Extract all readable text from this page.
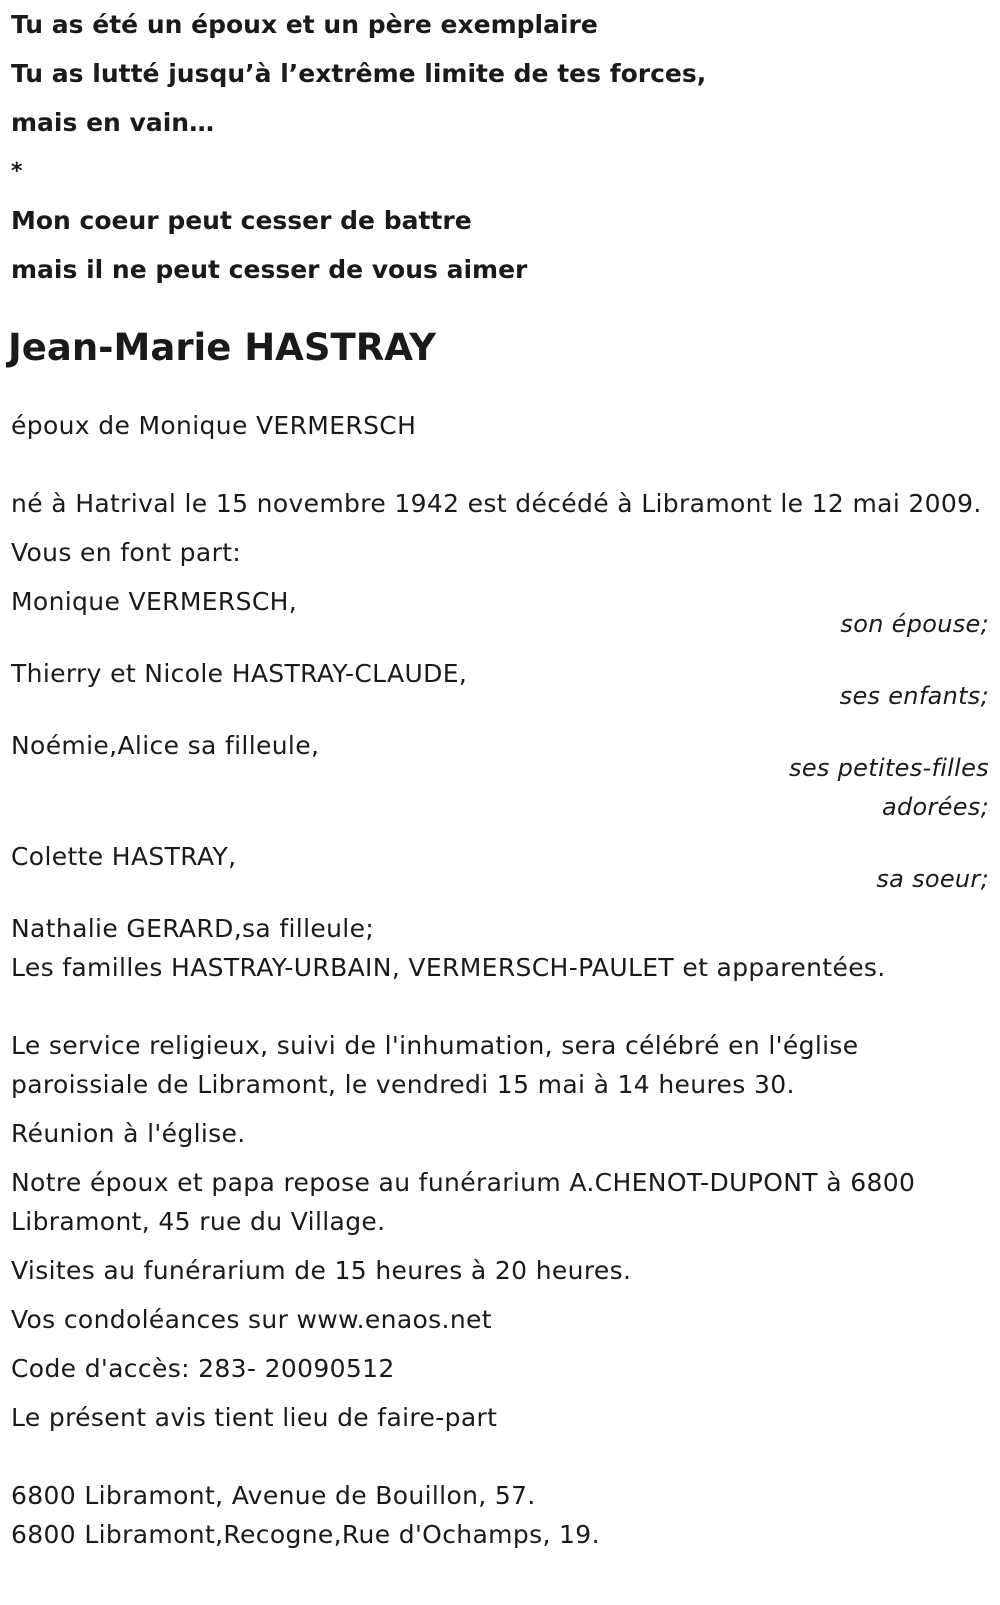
Tu as été un époux et un père exemplaire
Tu as lutté jusqu’à l’extrême limite de tes forces,
mais en vain…
*
Mon coeur peut cesser de battre
mais il ne peut cesser de vous aimer
Jean-Marie HASTRAY
époux de Monique VERMERSCH
né à Hatrival le 15 novembre 1942 est décédé à Libramont le 12 mai 2009.
Vous en font part:
Monique VERMERSCH,
son épouse;
Thierry et Nicole HASTRAY-CLAUDE,
ses enfants;
Noémie,Alice sa filleule,
ses petites-filles
adorées;
Colette HASTRAY,
sa soeur;
Nathalie GERARD,sa filleule;
Les familles HASTRAY-URBAIN, VERMERSCH-PAULET et apparentées.
Le service religieux, suivi de l'inhumation, sera célébré en l'église paroissiale de Libramont, le vendredi 15 mai à 14 heures 30.
Réunion à l'église.
Notre époux et papa repose au funérarium A.CHENOT-DUPONT à 6800 Libramont, 45 rue du Village.
Visites au funérarium de 15 heures à 20 heures.
Vos condoléances sur www.enaos.net
Code d'accès: 283- 20090512
Le présent avis tient lieu de faire-part
6800 Libramont, Avenue de Bouillon, 57.
6800 Libramont,Recogne,Rue d'Ochamps, 19.
